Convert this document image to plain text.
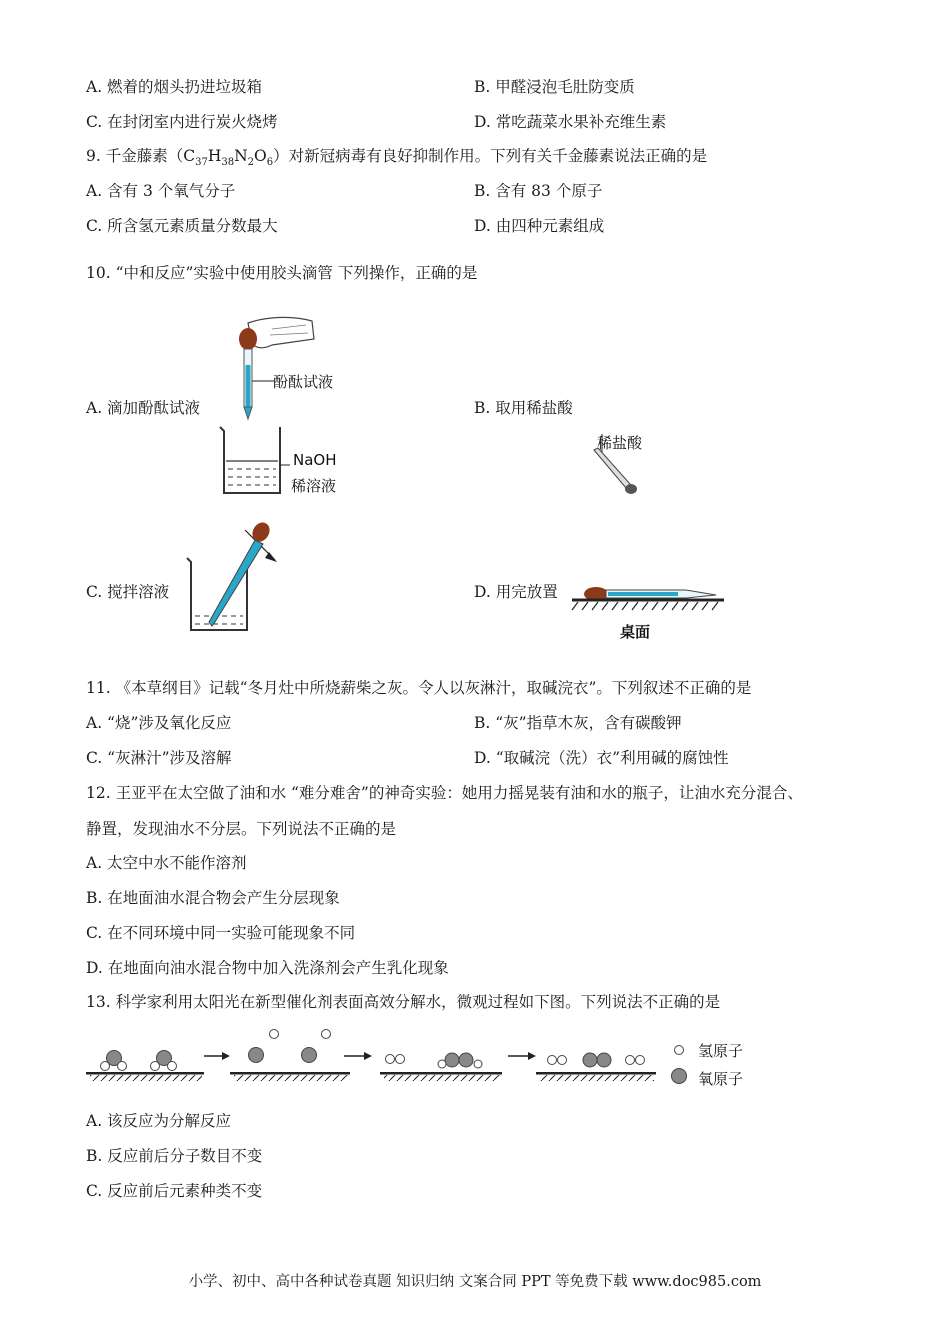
A. 燃着的烟头扔进垃圾箱	B. 甲醛浸泡毛肚防变质
C. 在封闭室内进行炭火烧烤	D. 常吃蔬菜水果补充维生素
9. 千金藤素$(C_{37}H_{38}N_2O_6)$对新冠病毒有良好抑制作用。下列有关千金藤素说法正确的是
A. 含有 3 个氧气分子	B. 含有 83 个原子
C. 所含氢元素质量分数最大	D. 由四种元素组成
10. “中和反应”实验中使用胶头滴管 下列操作，正确的是
酚酞试液
NaOH
稀溶液
A. 滴加酚酞试液
稀盐酸
B. 取用稀盐酸
C. 搅拌溶液
桌面
D. 用完放置
11. 《本草纲目》记载“冬月灶中所烧薪柴之灰。令人以灰淋汁，取碱浣衣”。下列叙述不正确的是
A. “烧”涉及氧化反应	B. “灰”指草木灰，含有碳酸钾
C. “灰淋汁”涉及溶解	D. “取碱浣（洗）衣”利用碱的腐蚀性
12. 王亚平在太空做了油和水 “难分难舍”的神奇实验：她用力摇晃装有油和水的瓶子，让油水充分混合、
静置，发现油水不分层。下列说法不正确的是
A. 太空中水不能作溶剂
B. 在地面油水混合物会产生分层现象
C. 在不同环境中同一实验可能现象不同
D. 在地面向油水混合物中加入洗涤剂会产生乳化现象
13. 科学家利用太阳光在新型催化剂表面高效分解水，微观过程如下图。下列说法不正确的是
氢原子
氧原子
A. 该反应为分解反应
B. 反应前后分子数目不变
C. 反应前后元素种类不变
小学、初中、高中各种试卷真题 知识归纳 文案合同 PPT 等免费下载 www.doc985.com
